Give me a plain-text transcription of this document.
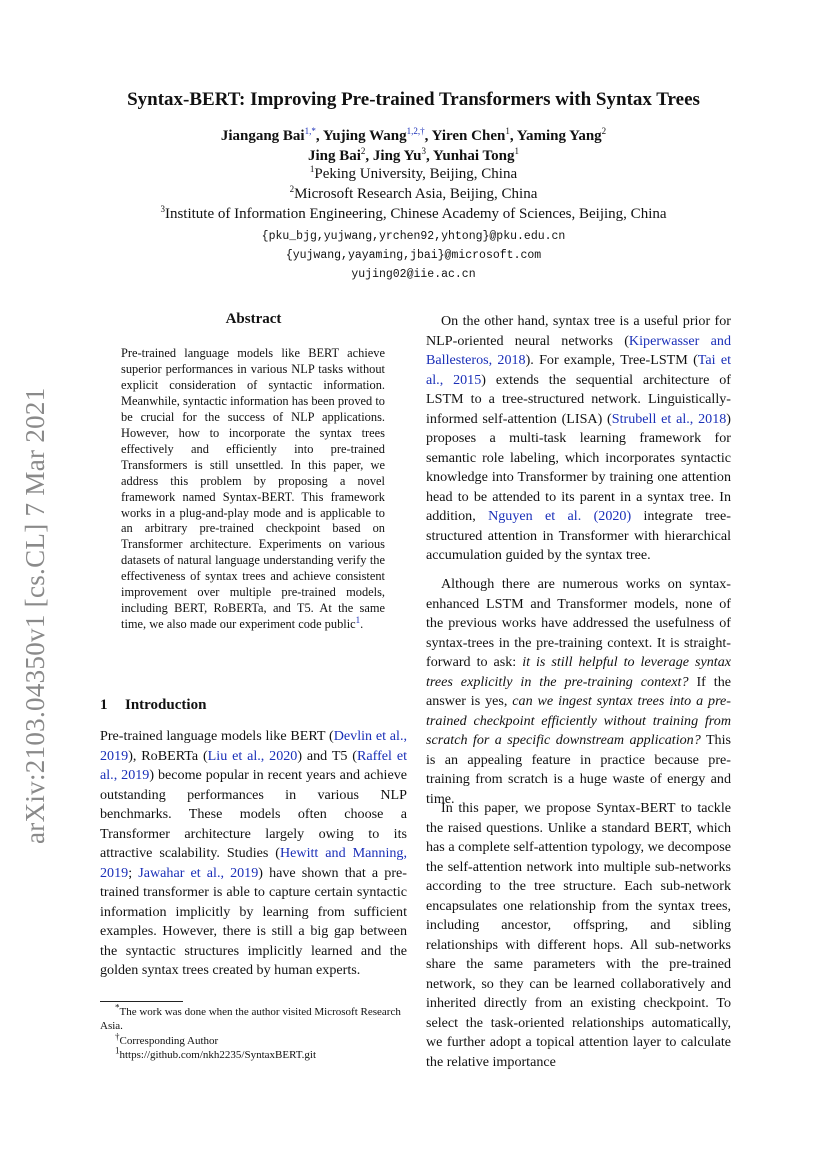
arXiv:2103.04350v1 [cs.CL] 7 Mar 2021
Syntax-BERT: Improving Pre-trained Transformers with Syntax Trees
Jiangang Bai$^{1,*}$, Yujing Wang$^{1,2,\dagger}$, Yiren Chen$^1$, Yaming Yang$^2$
Jing Bai$^2$, Jing Yu$^3$, Yunhai Tong$^1$
$^1$Peking University, Beijing, China
$^2$Microsoft Research Asia, Beijing, China
$^3$Institute of Information Engineering, Chinese Academy of Sciences, Beijing, China
{pku_bjg,yujwang,yrchen92,yhtong}@pku.edu.cn
{yujwang,yayaming,jbai}@microsoft.com
yujing02@iie.ac.cn
Abstract
Pre-trained language models like BERT achieve superior performances in various NLP tasks without explicit consideration of syntactic information. Meanwhile, syntactic information has been proved to be crucial for the success of NLP applications. However, how to incorporate the syntax trees effectively and efficiently into pre-trained Transformers is still unsettled. In this paper, we address this problem by proposing a novel framework named Syntax-BERT. This framework works in a plug-and-play mode and is applicable to an arbitrary pre-trained checkpoint based on Transformer architecture. Experiments on various datasets of natural language understanding verify the effectiveness of syntax trees and achieve consistent improvement over multiple pre-trained models, including BERT, RoBERTa, and T5. At the same time, we also made our experiment code public$^1$.
1 Introduction

Pre-trained language models like BERT (Devlin et al., 2019), RoBERTa (Liu et al., 2020) and T5 (Raffel et al., 2019) become popular in recent years and achieve outstanding performances in various NLP benchmarks. These models often choose a Transformer architecture largely owing to its attractive scalability. Studies (Hewitt and Manning, 2019; Jawahar et al., 2019) have shown that a pre-trained transformer is able to capture certain syntactic information implicitly by learning from sufficient examples. However, there is still a big gap between the syntactic structures implicitly learned and the golden syntax trees created by human experts.

*The work was done when the author visited Microsoft Research Asia.
†Corresponding Author
$^1$https://github.com/nkh2235/SyntaxBERT.git

On the other hand, syntax tree is a useful prior for NLP-oriented neural networks (Kiperwasser and Ballesteros, 2018). For example, Tree-LSTM (Tai et al., 2015) extends the sequential architecture of LSTM to a tree-structured network. Linguistically-informed self-attention (LISA) (Strubell et al., 2018) proposes a multi-task learning framework for semantic role labeling, which incorporates syntactic knowledge into Transformer by training one attention head to be attended to its parent in a syntax tree. In addition, Nguyen et al. (2020) integrate tree-structured attention in Transformer with hierarchical accumulation guided by the syntax tree.

Although there are numerous works on syntax-enhanced LSTM and Transformer models, none of the previous works have addressed the usefulness of syntax-trees in the pre-training context. It is straight-forward to ask: it is still helpful to leverage syntax trees explicitly in the pre-training context? If the answer is yes, can we ingest syntax trees into a pre-trained checkpoint efficiently without training from scratch for a specific downstream application? This is an appealing feature in practice because pre-training from scratch is a huge waste of energy and time.

In this paper, we propose Syntax-BERT to tackle the raised questions. Unlike a standard BERT, which has a complete self-attention typology, we decompose the self-attention network into multiple sub-networks according to the tree structure. Each sub-network encapsulates one relationship from the syntax trees, including ancestor, offspring, and sibling relationships with different hops. All sub-networks share the same parameters with the pre-trained network, so they can be learned collaboratively and inherited directly from an existing checkpoint. To select the task-oriented relationships automatically, we further adopt a topical attention layer to calculate the relative importance
